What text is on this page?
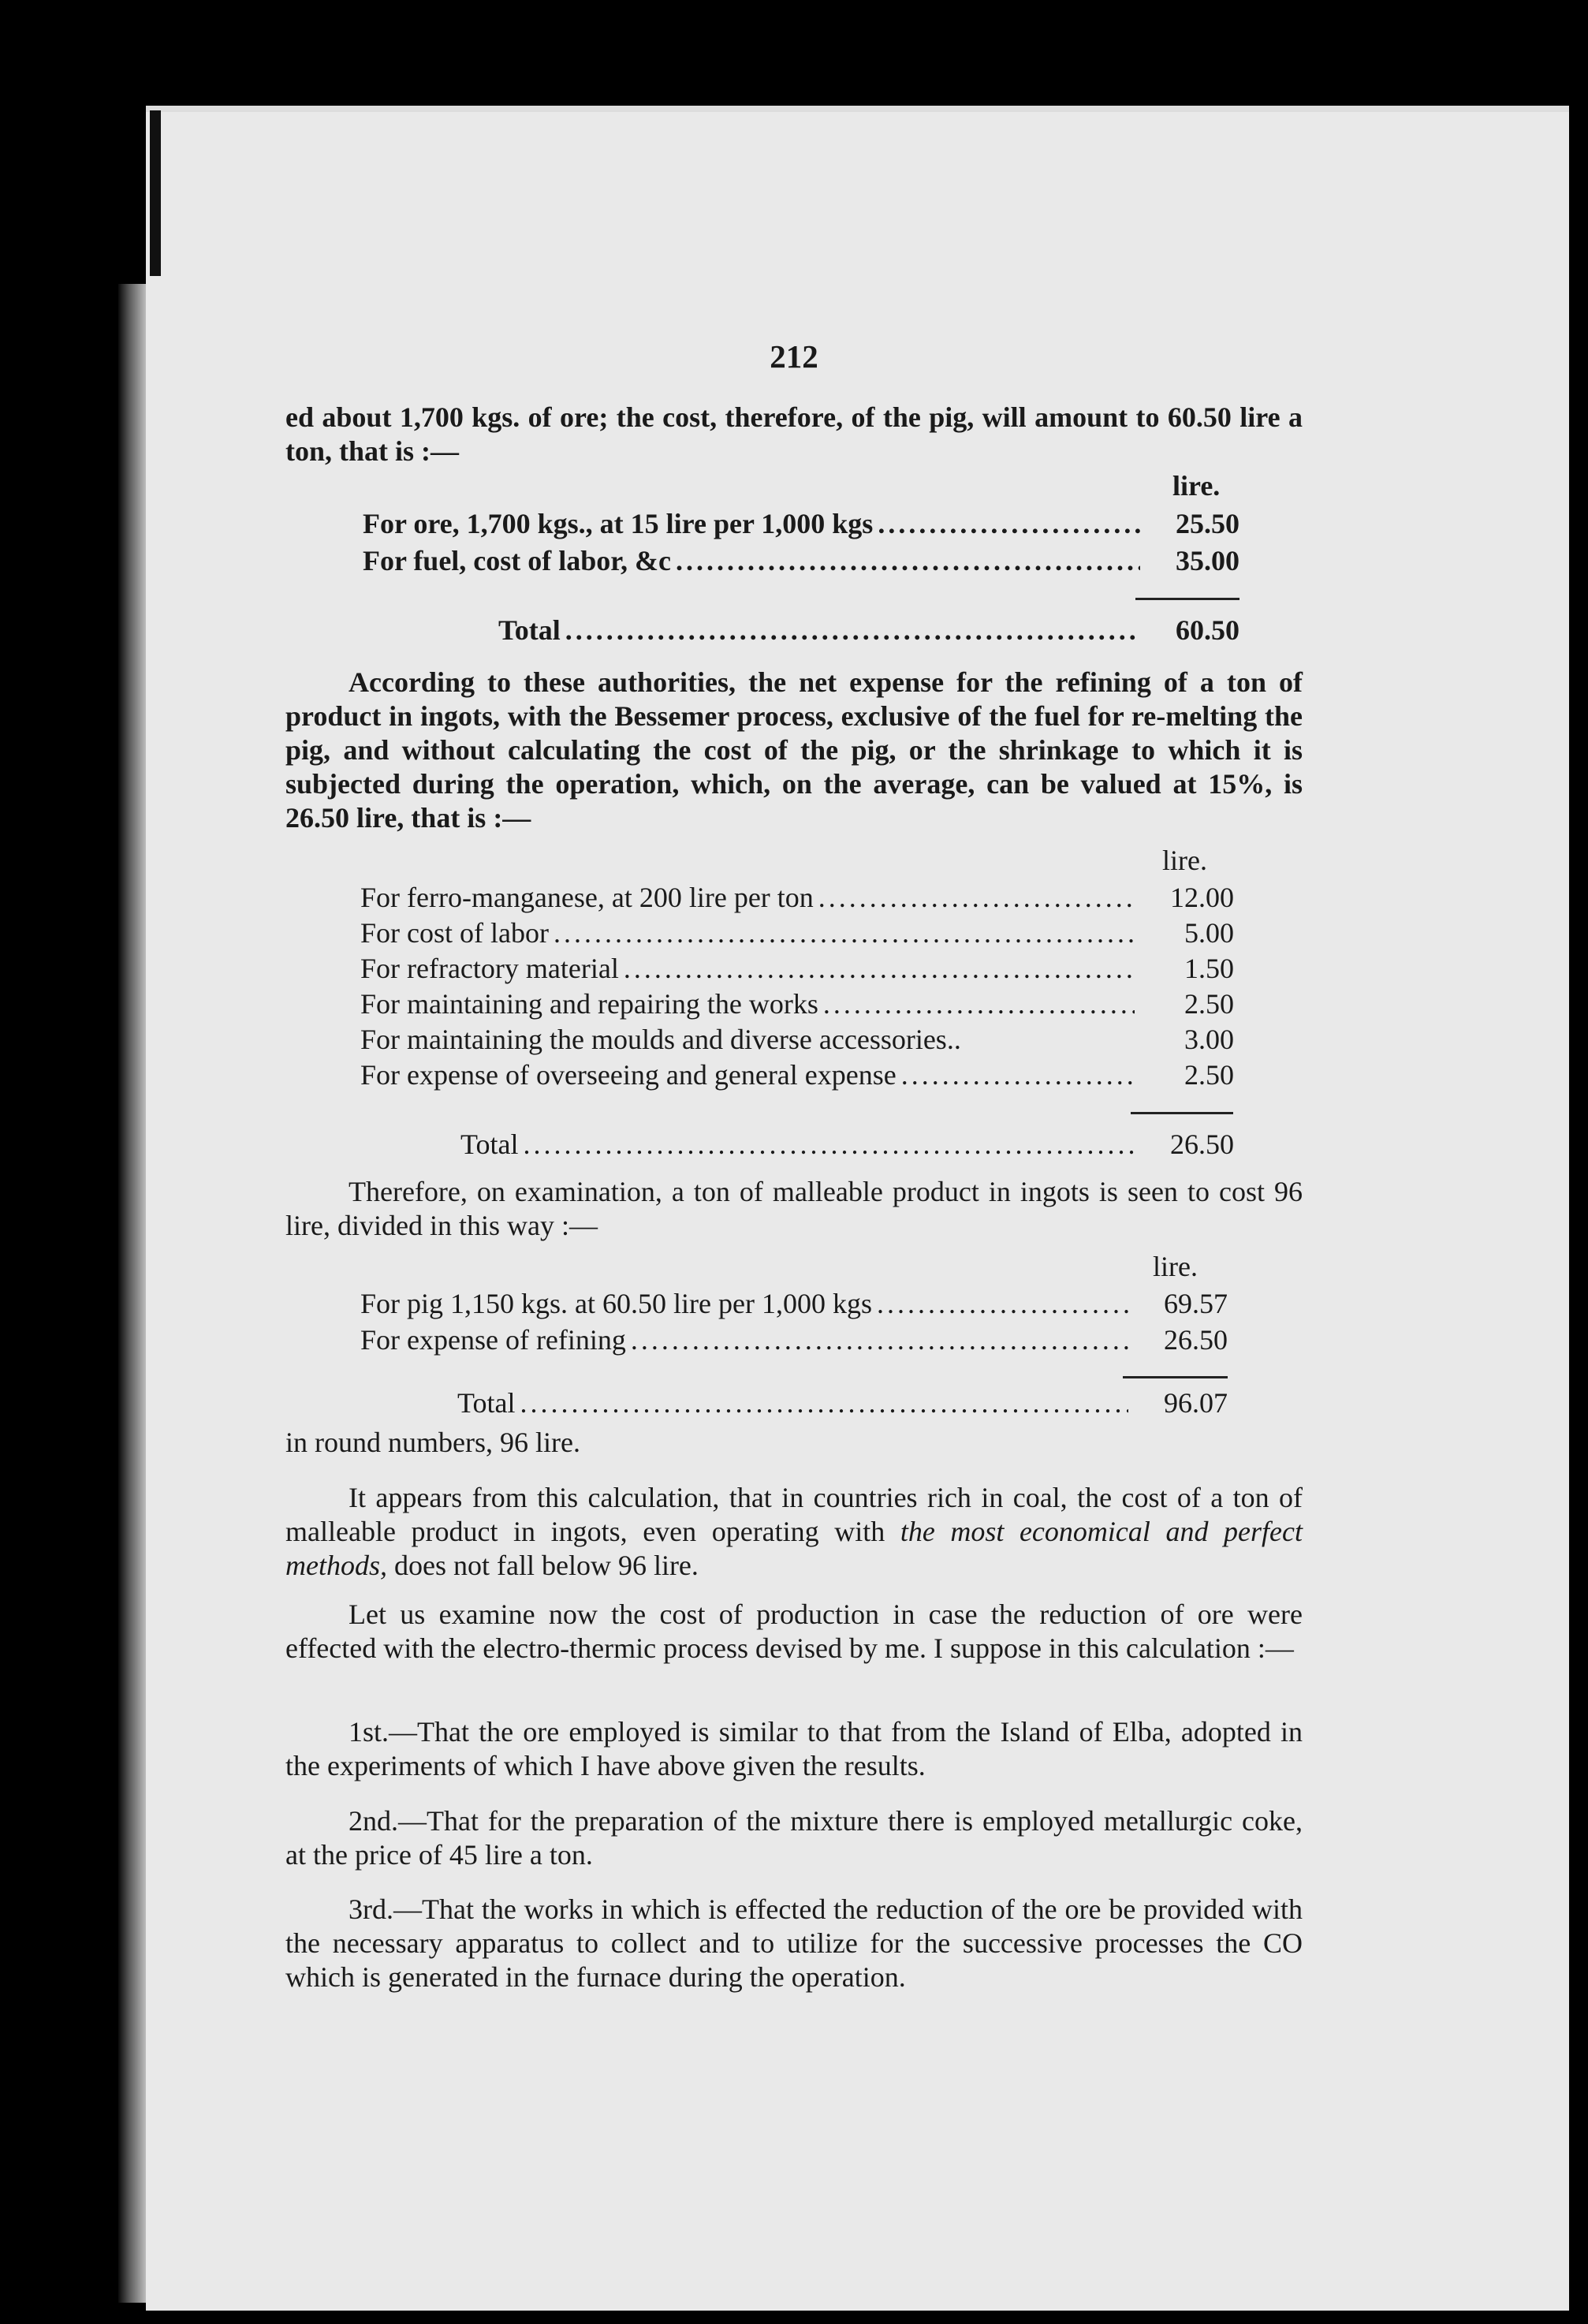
212
ed about 1,700 kgs. of ore; the cost, therefore, of the pig, will amount to 60.50 lire a ton, that is :—
lire.
For ore, 1,700 kgs., at 15 lire per 1,000 kgs .....	25.50
For fuel, cost of labor, &c .....	35.00
Total .....	60.50
According to these authorities, the net expense for the refining of a ton of product in ingots, with the Bessemer process, exclusive of the fuel for re-melting the pig, and without calculating the cost of the pig, or the shrinkage to which it is subjected during the operation, which, on the average, can be valued at 15%, is 26.50 lire, that is :—
lire.
For ferro-manganese, at 200 lire per ton .....	12.00
For cost of labor .....	5.00
For refractory material .....	1.50
For maintaining and repairing the works .....	2.50
For maintaining the moulds and diverse accessories..	3.00
For expense of overseeing and general expense .....	2.50
Total .....	26.50
Therefore, on examination, a ton of malleable product in ingots is seen to cost 96 lire, divided in this way :—
lire.
For pig 1,150 kgs. at 60.50 lire per 1,000 kgs .....	69.57
For expense of refining .....	26.50
Total .....	96.07
in round numbers, 96 lire.
It appears from this calculation, that in countries rich in coal, the cost of a ton of malleable product in ingots, even operating with the most economical and perfect methods, does not fall below 96 lire.
Let us examine now the cost of production in case the reduction of ore were effected with the electro-thermic process devised by me. I suppose in this calculation :—
1st.—That the ore employed is similar to that from the Island of Elba, adopted in the experiments of which I have above given the results.
2nd.—That for the preparation of the mixture there is employed metallurgic coke, at the price of 45 lire a ton.
3rd.—That the works in which is effected the reduction of the ore be provided with the necessary apparatus to collect and to utilize for the successive processes the CO which is generated in the furnace during the operation.
